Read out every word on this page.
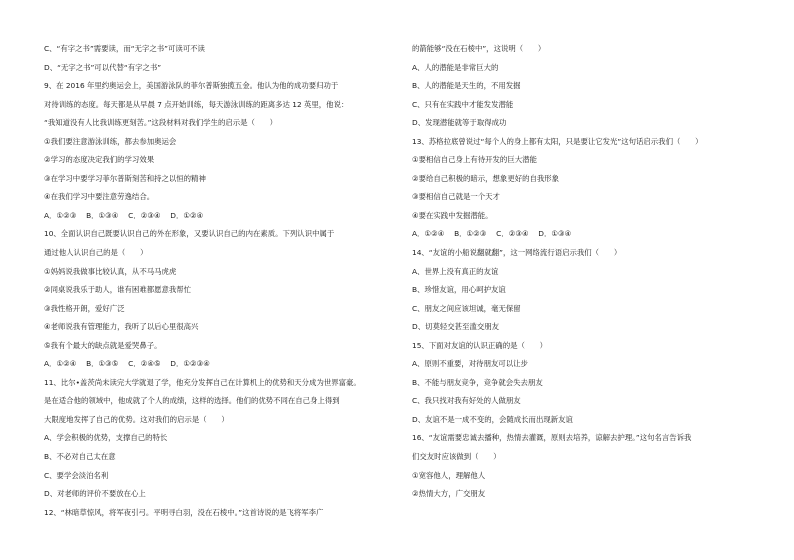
C、“有字之书”需要读，而“无字之书”可读可不读
D、“无字之书”可以代替“有字之书”
9、在 2016 年里约奥运会上，美国游泳队的菲尔普斯独揽五金。他认为他的成功要归功于
对待训练的态度。每天都是从早晨 7 点开始训练，每天游泳训练的距离多达 12 英里，他说：
“我知道没有人比我训练更刻苦。”这段材料对我们学生的启示是（　　）
①我们要注意游泳训练，都去参加奥运会
②学习的态度决定我们的学习效果
③在学习中要学习菲尔普斯刻苦和持之以恒的精神
④在我们学习中要注意劳逸结合。
A．①②③　 B．①③④　 C．②③④　 D．①②④
10、全面认识自己既要认识自己的外在形象，又要认识自己的内在素质。下列认识中属于
通过他人认识自己的是（　　）
①妈妈说我做事比较认真，从不马马虎虎
②同桌说我乐于助人，谁有困难都愿意我帮忙
③我性格开朗，爱好广泛
④老师说我有管理能力，我听了以后心里很高兴
⑤我有个最大的缺点就是爱哭鼻子。
A．①②④　 B．①③⑤　 C．②④⑤　 D．①②③④
11、比尔•盖茨尚未读完大学就退了学，他充分发挥自己在计算机上的优势和天分成为世界富豪。
是在适合他的领域中，他成就了个人的成绩，这样的选择。他们的优势不同在自己身上得到
大限度地发挥了自己的优势。这对我们的启示是（　　）
A、学会积极的优势，支撑自己的特长
B、不必对自己太在意
C、要学会淡泊名利
D、对老师的评价不要放在心上
12、“林暗草惊风，将军夜引弓。平明寻白羽，没在石棱中。”这首诗说的是飞将军李广
的箭能够“没在石棱中”，这说明（　　）
A、人的潜能是非常巨大的
B、人的潜能是天生的，不用发掘
C、只有在实践中才能发发潜能
D、发现潜能就等于取得成功
13、苏格拉底曾说过“每个人的身上都有太阳，只是要让它发光”这句话启示我们（　　）
①要相信自己身上有待开发的巨大潜能
②要给自己积极的暗示，想象更好的自我形象
③要相信自己就是一个天才
④要在实践中发掘潜能。
A．①②④　 B．①②③　 C．②③④　 D．①③④
14、“友谊的小船说翻就翻”，这一网络流行语启示我们（　　）
A、世界上没有真正的友谊
B、珍惜友谊，用心呵护友谊
C、朋友之间应该坦诚，毫无保留
D、切莫轻交甚至滥交朋友
15、下面对友谊的认识正确的是（　　）
A、原则不重要，对待朋友可以让步
B、不能与朋友竞争，竞争就会失去朋友
C、我只找对我有好处的人做朋友
D、友谊不是一成不变的，会随成长而出现新友谊
16、“友谊需要忠诚去播种，热情去灌溉，原则去培养，谅解去护理。”这句名言告诉我
们交友时应该做到（　　）
①宽容他人，理解他人
②热情大方，广交朋友
